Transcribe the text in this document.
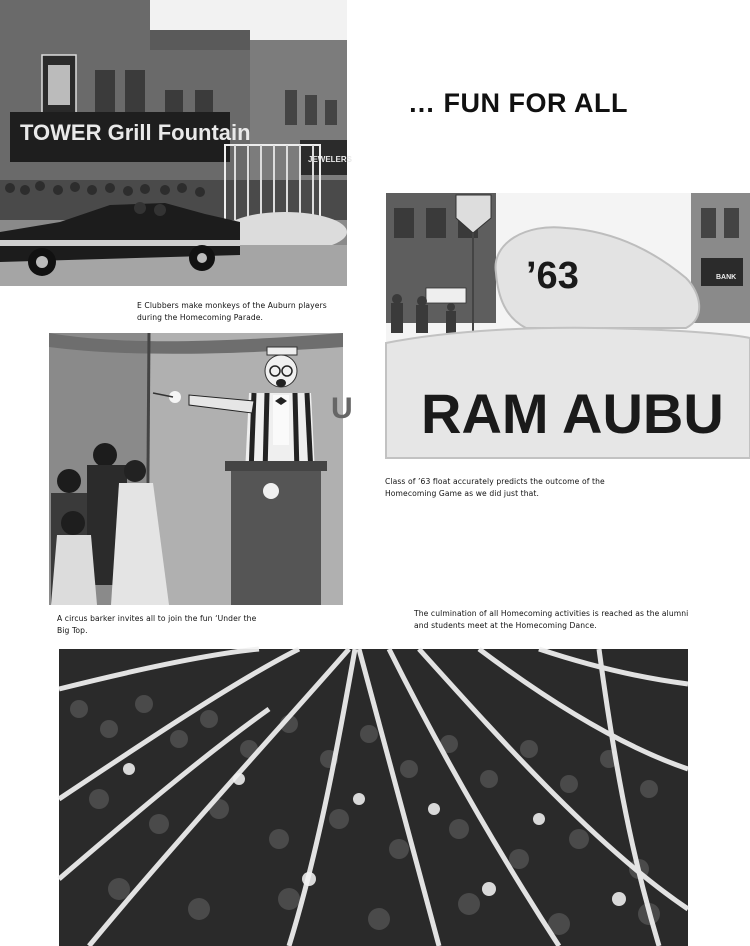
… FUN FOR ALL
TOWER Grill Fountain
JEWELERS
E Clubbers make monkeys of the Auburn players during the Homecoming Parade.
BANK
’63
RAM AUBU
Class of ’63 float accurately predicts the outcome of the Homecoming Game as we did just that.
U
A circus barker invites all to join the fun ‘Under the Big Top.
The culmination of all Homecoming activities is reached as the alumni and students meet at the Homecoming Dance.
